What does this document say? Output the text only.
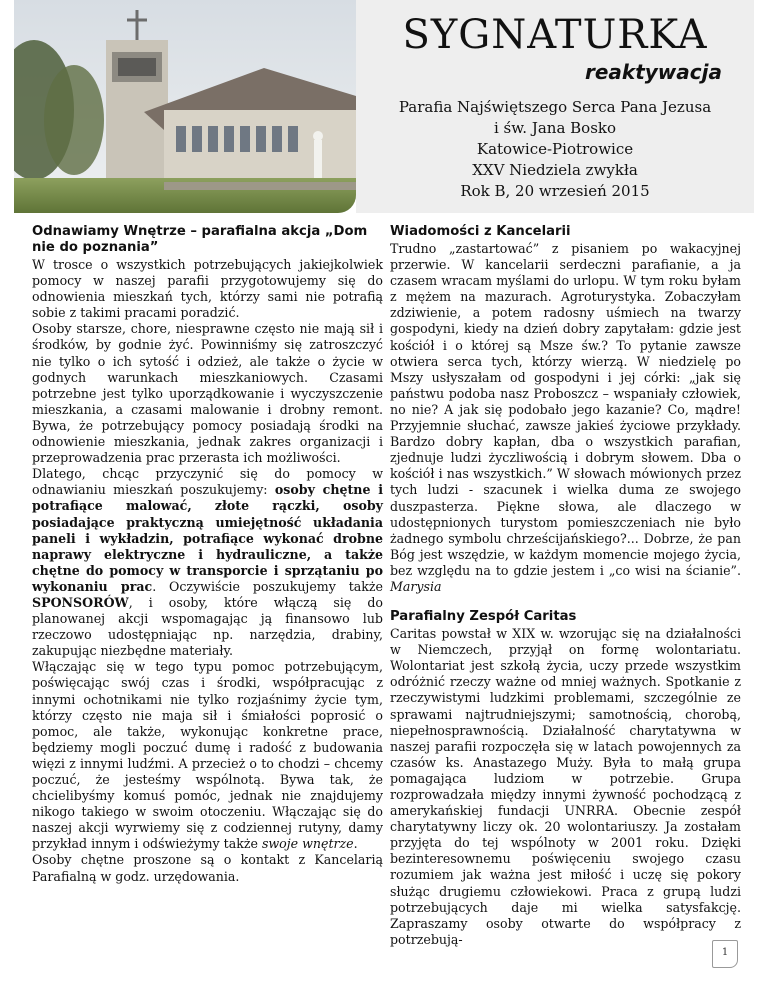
SYGNATURKA
reaktywacja
Parafia Najświętszego Serca Pana Jezusa
i św. Jana Bosko
Katowice-Piotrowice
XXV Niedziela zwykła
Rok B, 20 wrzesień 2015
Odnawiamy Wnętrze – parafialna akcja „Dom nie do poznania”

W trosce o wszystkich potrzebujących jakiejkolwiek pomocy w naszej parafii przygotowujemy się do odnowienia mieszkań tych, którzy sami nie potrafią sobie z takimi pracami poradzić.

Osoby starsze, chore, niesprawne często nie mają sił i środków, by godnie żyć. Powinniśmy się zatroszczyć nie tylko o ich sytość i odzież, ale także o życie w godnych warunkach mieszkaniowych. Czasami potrzebne jest tylko uporządkowanie i wyczyszczenie mieszkania, a czasami malowanie i drobny remont. Bywa, że potrzebujący pomocy posiadają środki na odnowienie mieszkania, jednak zakres organizacji i przeprowadzenia prac przerasta ich możliwości.

Dlatego, chcąc przyczynić się do pomocy w odnawianiu mieszkań poszukujemy: osoby chętne i potrafiące malować, złote rączki, osoby posiadające praktyczną umiejętność układania paneli i wykładzin, potrafiące wykonać drobne naprawy elektryczne i hydrauliczne, a także chętne do pomocy w transporcie i sprzątaniu po wykonaniu prac. Oczywiście poszukujemy także SPONSORÓW, i osoby, które włączą się do planowanej akcji wspomagając ją finansowo lub rzeczowo udostępniając np. narzędzia, drabiny, zakupując niezbędne materiały.

Włączając się w tego typu pomoc potrzebującym, poświęcając swój czas i środki, współpracując z innymi ochotnikami nie tylko rozjaśnimy życie tym, którzy często nie maja sił i śmiałości poprosić o pomoc, ale także, wykonując konkretne prace, będziemy mogli poczuć dumę i radość z budowania więzi z innymi ludźmi. A przecież o to chodzi – chcemy poczuć, że jesteśmy wspólnotą. Bywa tak, że chcielibyśmy komuś pomóc, jednak nie znajdujemy nikogo takiego w swoim otoczeniu. Włączając się do naszej akcji wyrwiemy się z codziennej rutyny, damy przykład innym i odświeżymy także swoje wnętrze.

Osoby chętne proszone są o kontakt z Kancelarią Parafialną w godz. urzędowania.

Wiadomości z Kancelarii

Trudno „zastartować” z pisaniem po wakacyjnej przerwie. W kancelarii serdeczni parafianie, a ja czasem wracam myślami do urlopu. W tym roku byłam z mężem na mazurach. Agroturystyka. Zobaczyłam zdziwienie, a potem radosny uśmiech na twarzy gospodyni, kiedy na dzień dobry zapytałam: gdzie jest kościół i o której są Msze św.? To pytanie zawsze otwiera serca tych, którzy wierzą. W niedzielę po Mszy usłyszałam od gospodyni i jej córki: „jak się państwu podoba nasz Proboszcz – wspaniały człowiek, no nie? A jak się podobało jego kazanie? Co, mądre! Przyjemnie słuchać, zawsze jakieś życiowe przykłady. Bardzo dobry kapłan, dba o wszystkich parafian, zjednuje ludzi życzliwością i dobrym słowem. Dba o kościół i nas wszystkich.” W słowach mówionych przez tych ludzi - szacunek i wielka duma ze swojego duszpasterza. Piękne słowa, ale dlaczego w udostępnionych turystom pomieszczeniach nie było żadnego symbolu chrześcijańskiego?... Dobrze, że pan Bóg jest wszędzie, w każdym momencie mojego życia, bez względu na to gdzie jestem i „co wisi na ścianie”. Marysia

Parafialny Zespół Caritas

Caritas powstał w XIX w. wzorując się na działalności w Niemczech, przyjął on formę wolontariatu. Wolontariat jest szkołą życia, uczy przede wszystkim odróżnić rzeczy ważne od mniej ważnych. Spotkanie z rzeczywistymi ludzkimi problemami, szczególnie ze sprawami najtrudniejszymi; samotnością, chorobą, niepełnosprawnością. Działalność charytatywna w naszej parafii rozpoczęła się w latach powojennych za czasów ks. Anastazego Muży. Była to małą grupa pomagająca ludziom w potrzebie. Grupa rozprowadzała między innymi żywność pochodzącą z amerykańskiej fundacji UNRRA. Obecnie zespół charytatywny liczy ok. 20 wolontariuszy. Ja zostałam przyjęta do tej wspólnoty w 2001 roku. Dzięki bezinteresownemu poświęceniu swojego czasu rozumiem jak ważna jest miłość i uczę się pokory służąc drugiemu człowiekowi. Praca z grupą ludzi potrzebujących daje mi wielka satysfakcję. Zapraszamy osoby otwarte do współpracy z potrzebują-

1
